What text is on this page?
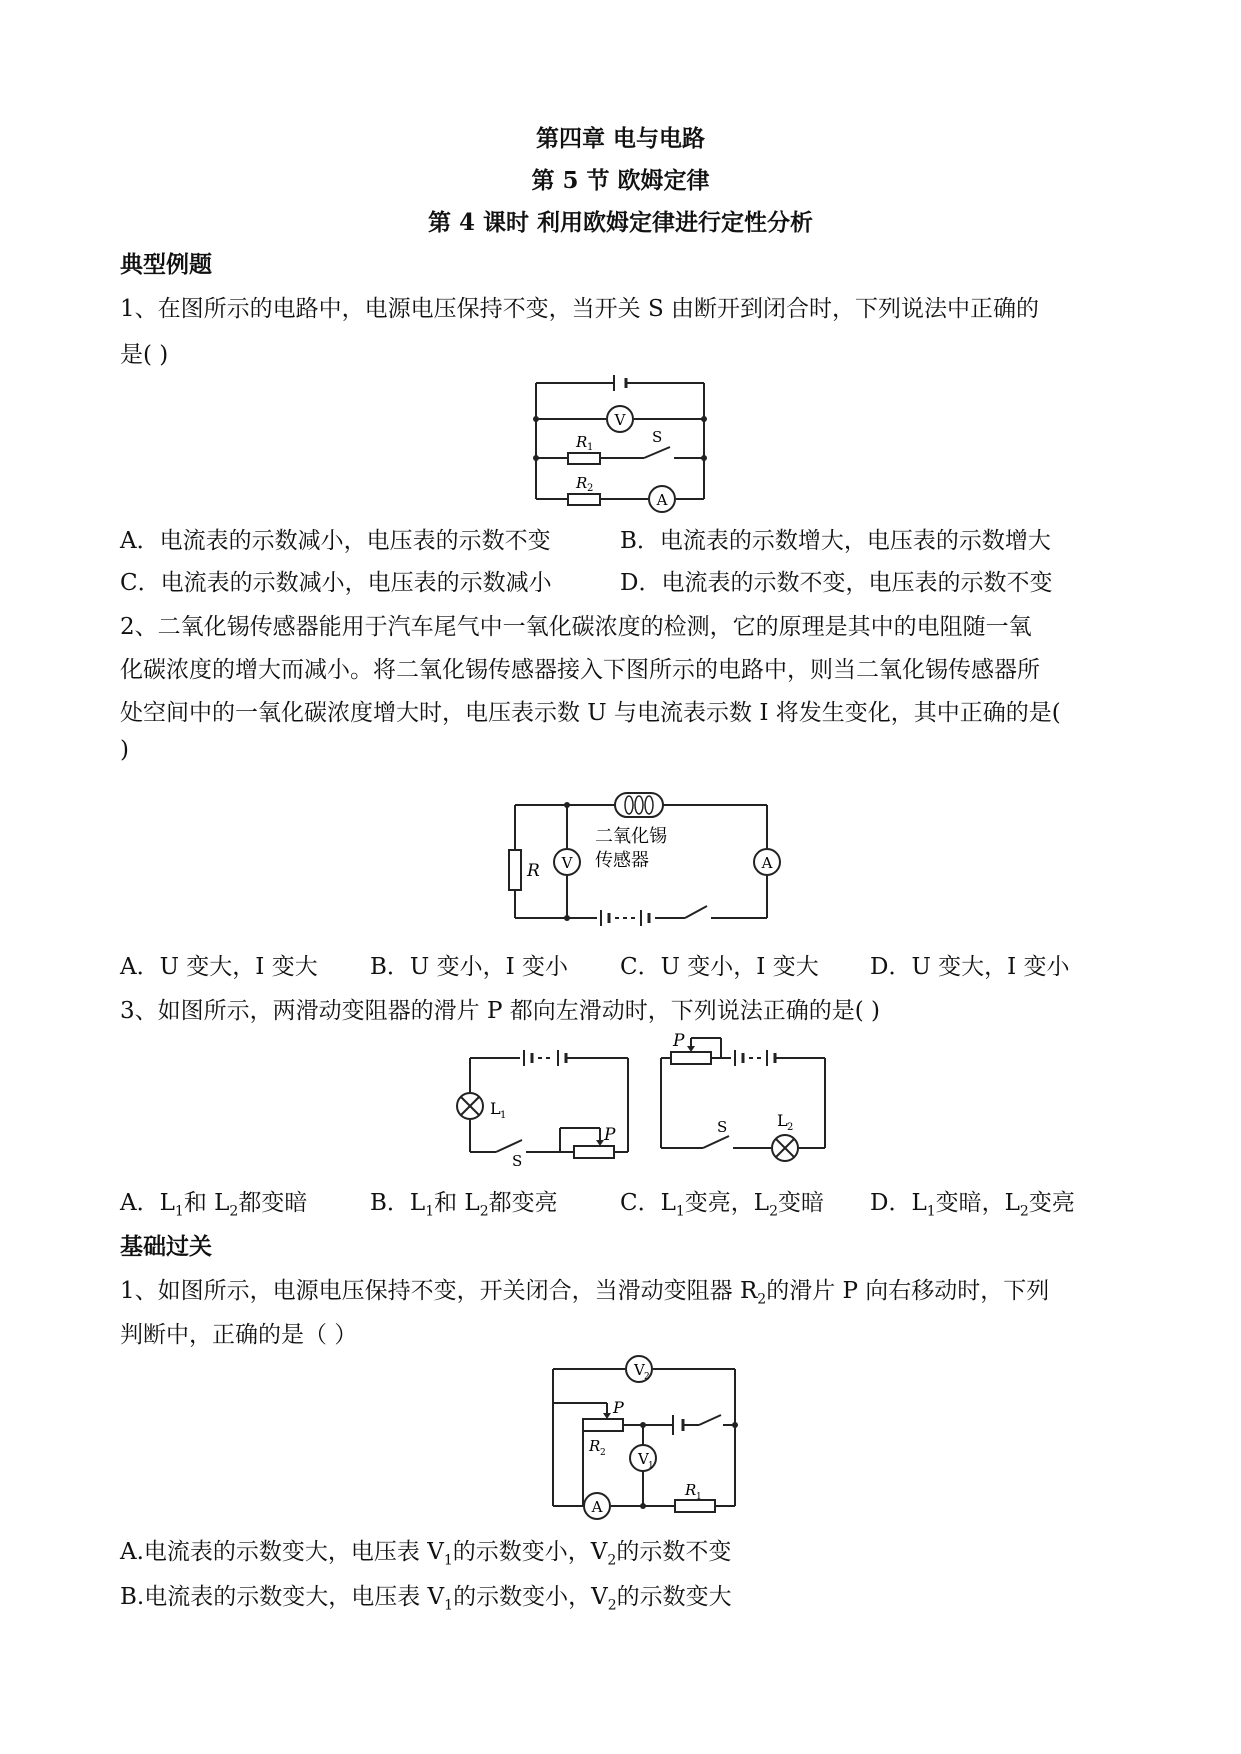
第四章 电与电路
第 5 节 欧姆定律
第 4 课时 利用欧姆定律进行定性分析
典型例题
1、在图所示的电路中，电源电压保持不变，当开关 S 由断开到闭合时，下列说法中正确的
是( )
V
A
R 1
R 2
S
A．电流表的示数减小，电压表的示数不变	B．电流表的示数增大，电压表的示数增大
C．电流表的示数减小，电压表的示数减小	D．电流表的示数不变，电压表的示数不变
2、二氧化锡传感器能用于汽车尾气中一氧化碳浓度的检测，它的原理是其中的电阻随一氧
化碳浓度的增大而减小。将二氧化锡传感器接入下图所示的电路中，则当二氧化锡传感器所
处空间中的一氧化碳浓度增大时，电压表示数 U 与电流表示数 I 将发生变化，其中正确的是(
)
V	A
R
二氧化锡
传感器
A．U 变大，I 变大 B．U 变小，I 变小 C．U 变小，I 变大 D．U 变大，I 变小
3、如图所示，两滑动变阻器的滑片 P 都向左滑动时，下列说法正确的是( )
L 1
P
S
P
S	L 2
A．$L_1$和 $L_2$都变暗	B．$L_1$和 $L_2$都变亮	C．$L_1$变亮，$L_2$变暗 D．$L_1$变暗，$L_2$变亮
基础过关
1、如图所示，电源电压保持不变，开关闭合，当滑动变阻器 $R_2$的滑片 P 向右移动时，下列
判断中，正确的是（ ）
V 2
V 1
A
P
R 2
R 1
A.电流表的示数变大，电压表 $V_1$的示数变小，$V_2$的示数不变
B.电流表的示数变大，电压表 $V_1$的示数变小，$V_2$的示数变大
